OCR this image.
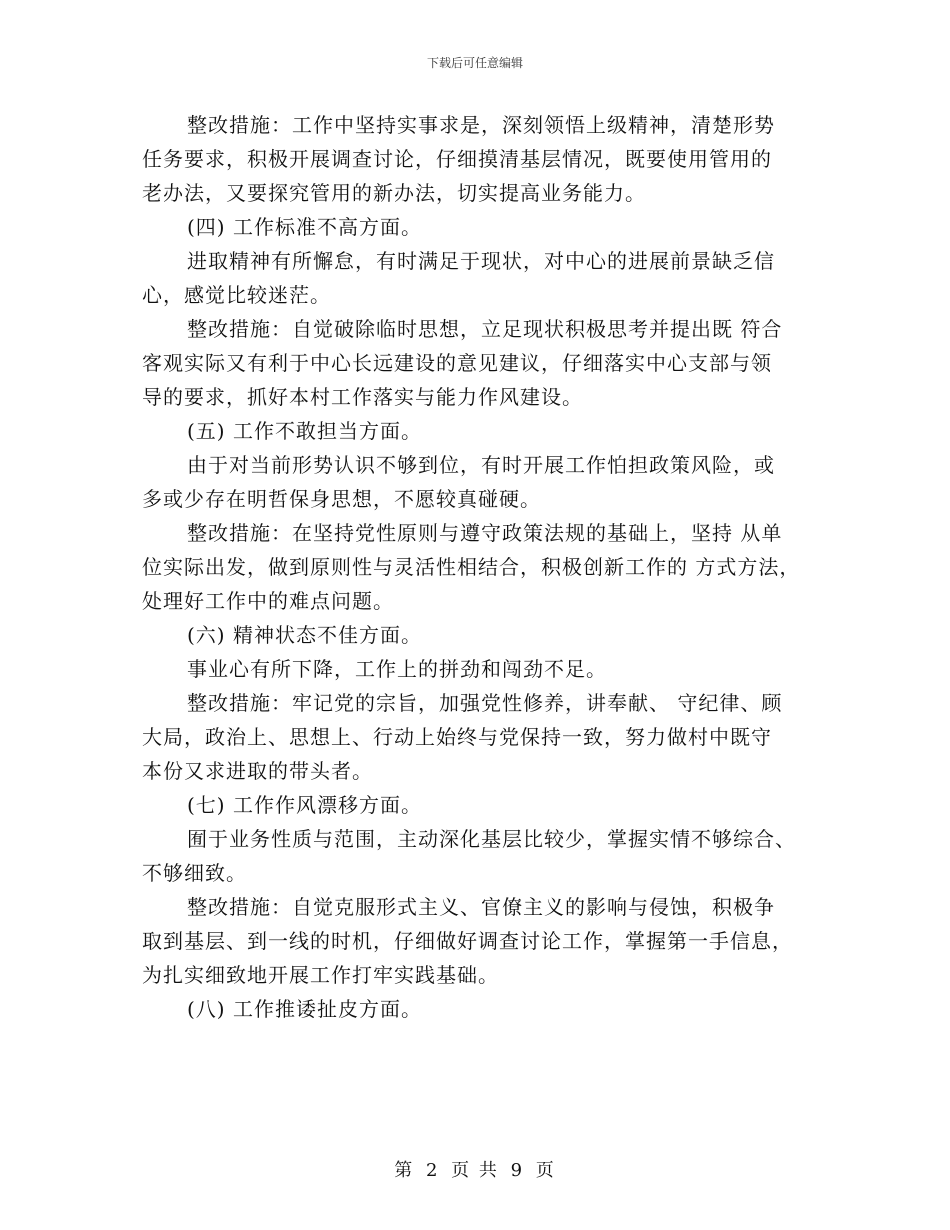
下载后可任意编辑
整改措施：工作中坚持实事求是，深刻领悟上级精神，清楚形势
任务要求，积极开展调查讨论，仔细摸清基层情况，既要使用管用的
老办法，又要探究管用的新办法，切实提高业务能力。
(四) 工作标准不高方面。
进取精神有所懈怠，有时满足于现状，对中心的进展前景缺乏信
心，感觉比较迷茫。
整改措施：自觉破除临时思想，立足现状积极思考并提出既 符合
客观实际又有利于中心长远建设的意见建议，仔细落实中心支部与领
导的要求，抓好本村工作落实与能力作风建设。
(五) 工作不敢担当方面。
由于对当前形势认识不够到位，有时开展工作怕担政策风险，或
多或少存在明哲保身思想，不愿较真碰硬。
整改措施：在坚持党性原则与遵守政策法规的基础上，坚持 从单
位实际出发，做到原则性与灵活性相结合，积极创新工作的 方式方法，
处理好工作中的难点问题。
(六) 精神状态不佳方面。
事业心有所下降，工作上的拼劲和闯劲不足。
整改措施：牢记党的宗旨，加强党性修养，讲奉献、 守纪律、顾
大局，政治上、思想上、行动上始终与党保持一致，努力做村中既守
本份又求进取的带头者。
(七) 工作作风漂移方面。
囿于业务性质与范围，主动深化基层比较少，掌握实情不够综合、
不够细致。
整改措施：自觉克服形式主义、官僚主义的影响与侵蚀，积极争
取到基层、到一线的时机，仔细做好调查讨论工作，掌握第一手信息，
为扎实细致地开展工作打牢实践基础。
(八) 工作推诿扯皮方面。
第 2 页 共 9 页
